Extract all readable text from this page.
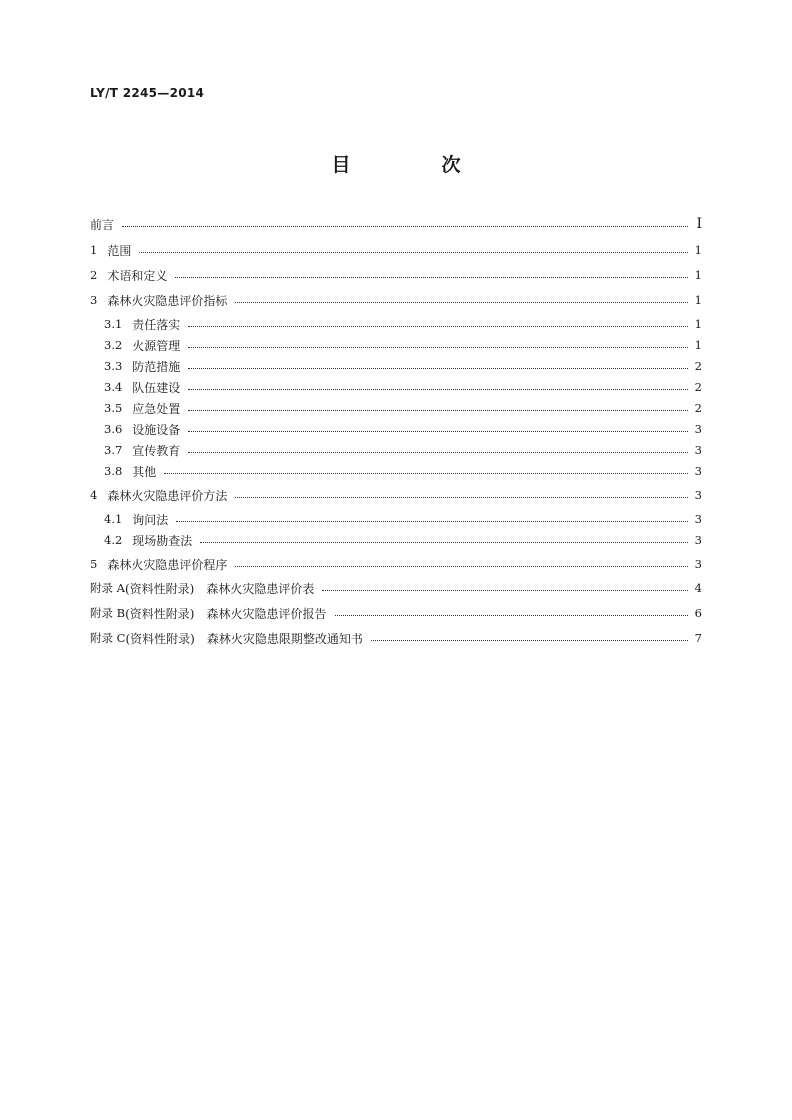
LY/T 2245—2014
目　次
前言	Ⅰ
1 范围	1
2 术语和定义	1
3 森林火灾隐患评价指标	1
3.1 责任落实	1
3.2 火源管理	1
3.3 防范措施	2
3.4 队伍建设	2
3.5 应急处置	2
3.6 设施设备	3
3.7 宣传教育	3
3.8 其他	3
4 森林火灾隐患评价方法	3
4.1 询问法	3
4.2 现场勘查法	3
5 森林火灾隐患评价程序	3
附录 A (资料性附录) 森林火灾隐患评价表	4
附录 B (资料性附录) 森林火灾隐患评价报告	6
附录 C (资料性附录) 森林火灾隐患限期整改通知书	7
